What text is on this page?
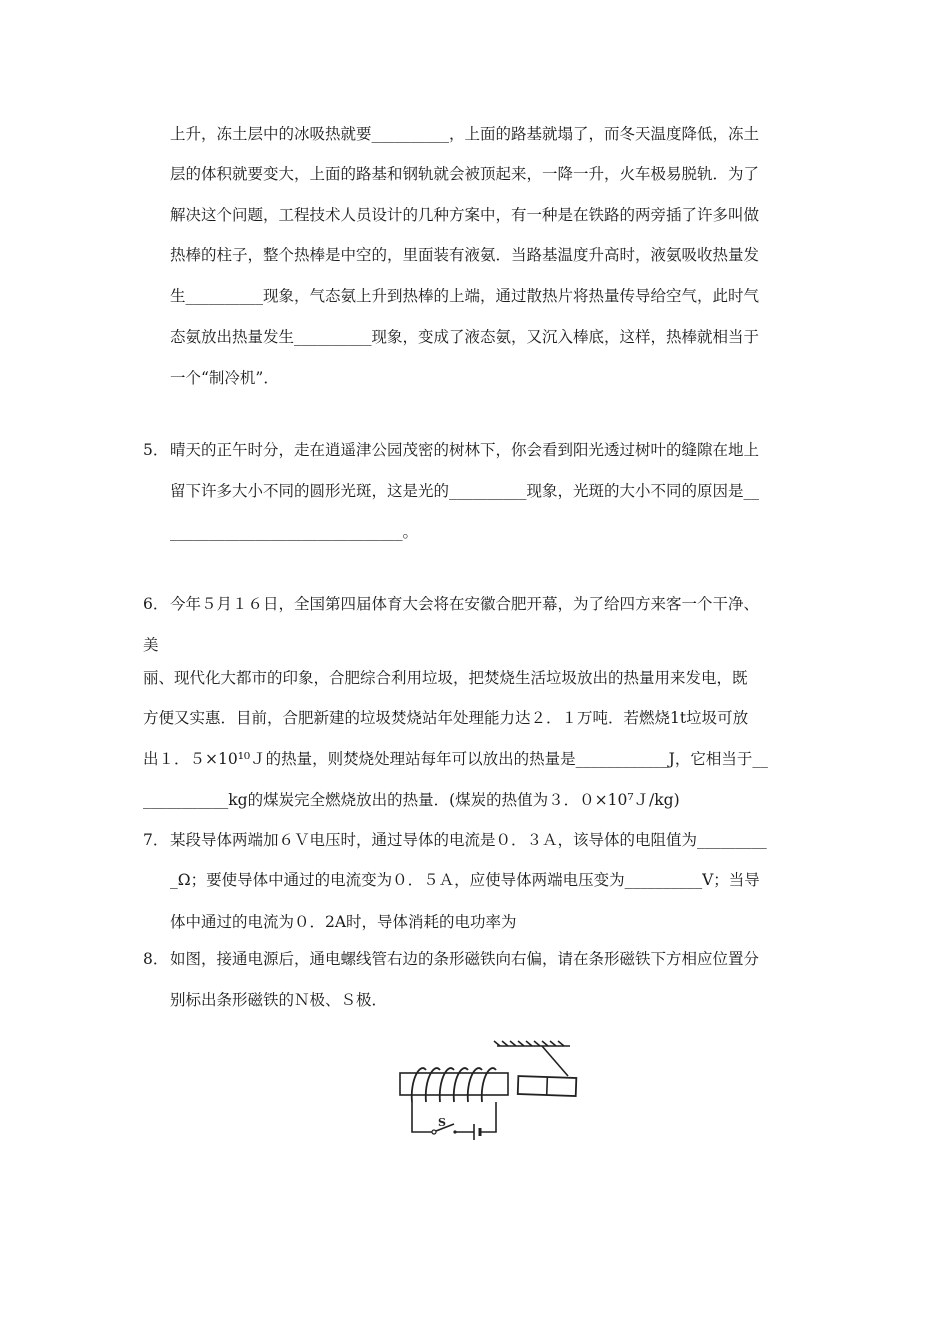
上升，冻土层中的冰吸热就要__________，上面的路基就塌了，而冬天温度降低，冻土
层的体积就要变大，上面的路基和钢轨就会被顶起来，一降一升，火车极易脱轨．为了
解决这个问题，工程技术人员设计的几种方案中，有一种是在铁路的两旁插了许多叫做
热棒的柱子，整个热棒是中空的，里面装有液氨．当路基温度升高时，液氨吸收热量发
生__________现象，气态氨上升到热棒的上端，通过散热片将热量传导给空气，此时气
态氨放出热量发生__________现象，变成了液态氨，又沉入棒底，这样，热棒就相当于
一个“制冷机”．
5． 晴天的正午时分，走在逍遥津公园茂密的树林下，你会看到阳光透过树叶的缝隙在地上
留下许多大小不同的圆形光斑，这是光的__________现象，光斑的大小不同的原因是__
______________________________。
6． 今年５月１６日，全国第四届体育大会将在安徽合肥开幕，为了给四方来客一个干净、
美
丽、现代化大都市的印象，合肥综合利用垃圾，把焚烧生活垃圾放出的热量用来发电，既
方便又实惠．目前，合肥新建的垃圾焚烧站年处理能力达２．１万吨．若燃烧1t垃圾可放
出１．５×10¹⁰Ｊ的热量，则焚烧处理站每年可以放出的热量是____________J，它相当于__
___________kg的煤炭完全燃烧放出的热量．(煤炭的热值为３．０×10⁷Ｊ/kg)
7． 某段导体两端加６Ｖ电压时，通过导体的电流是０．３Ａ，该导体的电阻值为_________
_Ω；要使导体中通过的电流变为０．５Ａ，应使导体两端电压变为__________V；当导
体中通过的电流为０．2A时，导体消耗的电功率为
8． 如图，接通电源后，通电螺线管右边的条形磁铁向右偏，请在条形磁铁下方相应位置分
别标出条形磁铁的Ｎ极、Ｓ极．
S
